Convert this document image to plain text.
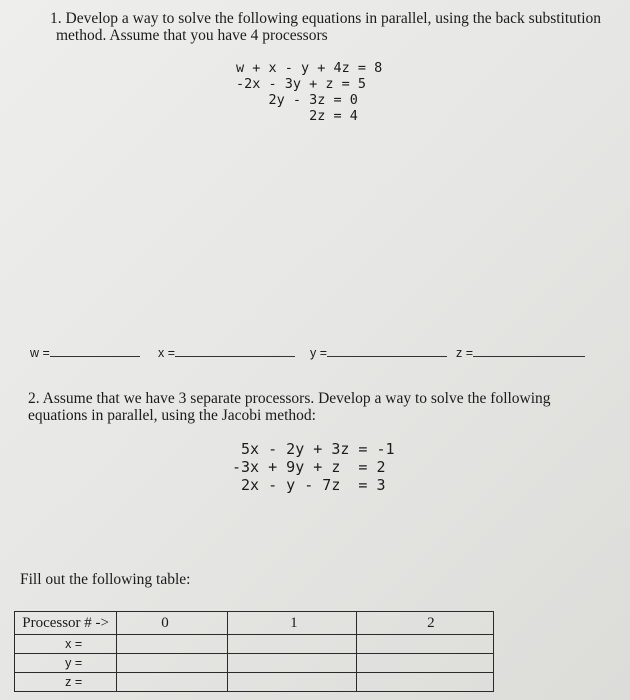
1. Develop a way to solve the following equations in parallel, using the back substitution method. Assume that you have 4 processors
w + x - y + 4z = 8
-2x - 3y + z = 5
2y - 3z = 0
2z = 4
w =	x =	y =	z =
2. Assume that we have 3 separate processors. Develop a way to solve the following equations in parallel, using the Jacobi method:
5x - 2y + 3z = -1
-3x + 9y + z  = 2
2x - y - 7z  = 3
Fill out the following table:
Processor # ->	0	1	2
x =			
y =			
z =			
